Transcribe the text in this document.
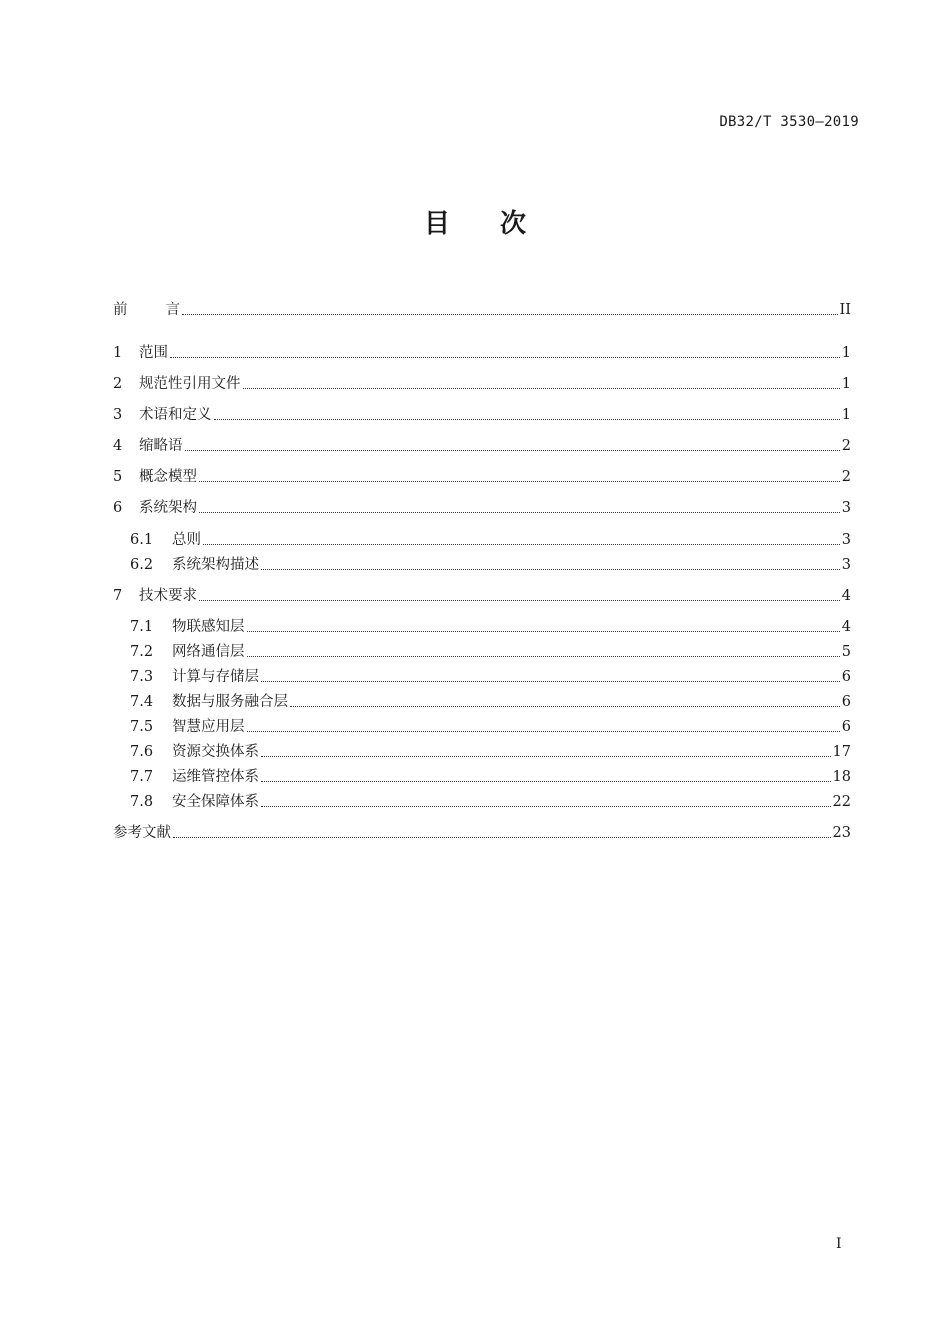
DB32/T 3530—2019
目 次
前	言	II
1	范围	1
2	规范性引用文件	1
3	术语和定义	1
4	缩略语	2
5	概念模型	2
6	系统架构	3
6.1	总则	3
6.2	系统架构描述	3
7	技术要求	4
7.1	物联感知层	4
7.2	网络通信层	5
7.3	计算与存储层	6
7.4	数据与服务融合层	6
7.5	智慧应用层	6
7.6	资源交换体系	17
7.7	运维管控体系	18
7.8	安全保障体系	22
参考文献	23
I
